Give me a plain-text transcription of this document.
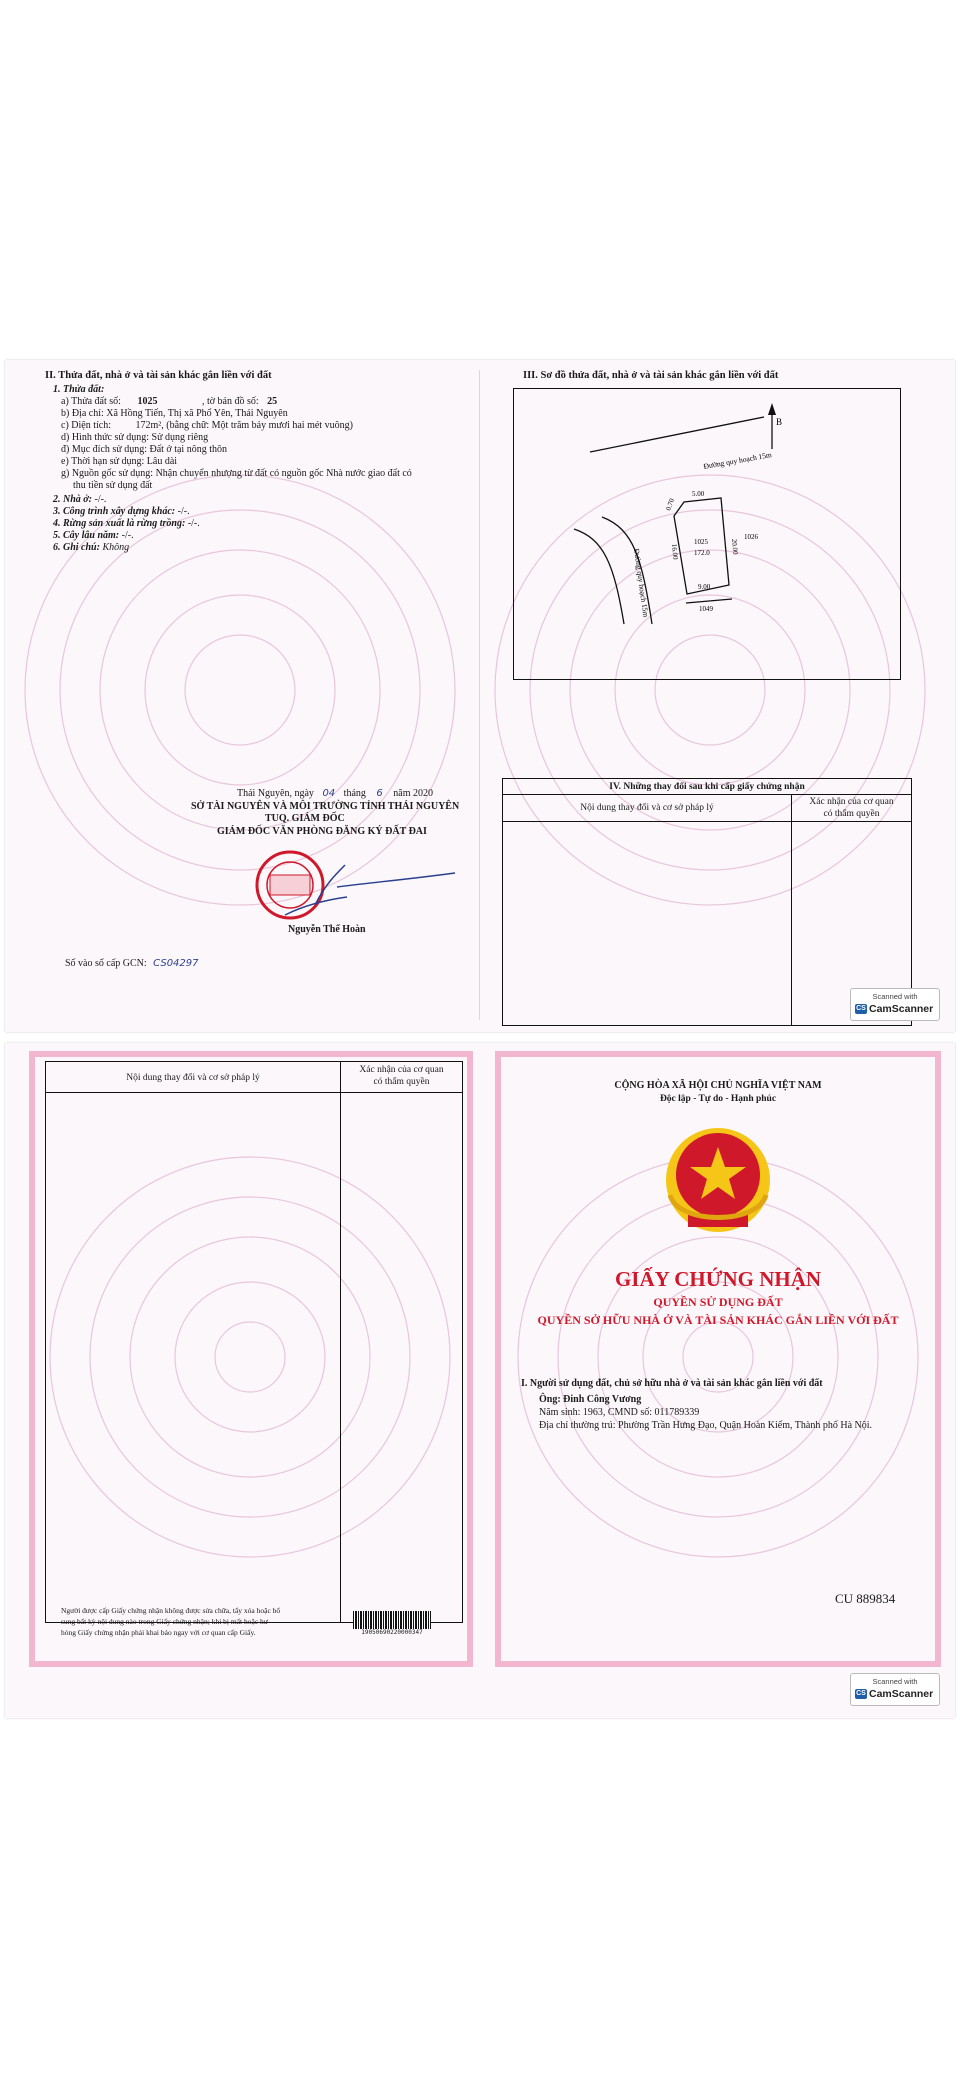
II. Thửa đất, nhà ở và tài sản khác gắn liền với đất
1. Thửa đất:
a) Thửa đất số: 1025	, tờ bản đồ số: 25
b) Địa chỉ: Xã Hồng Tiến, Thị xã Phổ Yên, Thái Nguyên
c) Diện tích: 172m², (bằng chữ: Một trăm bảy mươi hai mét vuông)
d) Hình thức sử dụng: Sử dụng riêng
đ) Mục đích sử dụng: Đất ở tại nông thôn
e) Thời hạn sử dụng: Lâu dài
g) Nguồn gốc sử dụng: Nhận chuyển nhượng từ đất có nguồn gốc Nhà nước giao đất có
thu tiền sử dụng đất
2. Nhà ở: -/-.
3. Công trình xây dựng khác: -/-.
4. Rừng sản xuất là rừng trồng: -/-.
5. Cây lâu năm: -/-.
6. Ghi chú: Không
Thái Nguyên, ngày 04 tháng 6 năm 2020
SỞ TÀI NGUYÊN VÀ MÔI TRƯỜNG TỈNH THÁI NGUYÊN
TUQ. GIÁM ĐỐC
GIÁM ĐỐC VĂN PHÒNG ĐĂNG KÝ ĐẤT ĐAI
Nguyễn Thế Hoàn
Số vào sổ cấp GCN: CS04297
III. Sơ đồ thửa đất, nhà ở và tài sản khác gắn liền với đất
B
Đường quy hoạch 15m
Đường quy hoạch 15m
5.00
0.70
20.00
16.00
9.00
1025
172.0
1026
1049
IV. Những thay đổi sau khi cấp giấy chứng nhận
Nội dung thay đổi và cơ sở pháp lý
Xác nhận của cơ quan
có thẩm quyền
Scanned with
CS CamScanner
Nội dung thay đổi và cơ sở pháp lý
Xác nhận của cơ quan
có thẩm quyền
Người được cấp Giấy chứng nhận không được sửa chữa, tẩy xóa hoặc bổ
sung bất kỳ nội dung nào trong Giấy chứng nhận; khi bị mất hoặc hư
hỏng Giấy chứng nhận phải khai báo ngay với cơ quan cấp Giấy.	19050690220000347
CỘNG HÒA XÃ HỘI CHỦ NGHĨA VIỆT NAM
Độc lập - Tự do - Hạnh phúc
GIẤY CHỨNG NHẬN
QUYỀN SỬ DỤNG ĐẤT
QUYỀN SỞ HỮU NHÀ Ở VÀ TÀI SẢN KHÁC GẮN LIỀN VỚI ĐẤT
I. Người sử dụng đất, chủ sở hữu nhà ở và tài sản khác gắn liền với đất
Ông: Đinh Công Vương
Năm sinh: 1963, CMND số: 011789339
Địa chỉ thường trú: Phường Trần Hưng Đạo, Quận Hoàn Kiếm, Thành phố Hà Nội.
CU 889834
Scanned with
CS CamScanner
